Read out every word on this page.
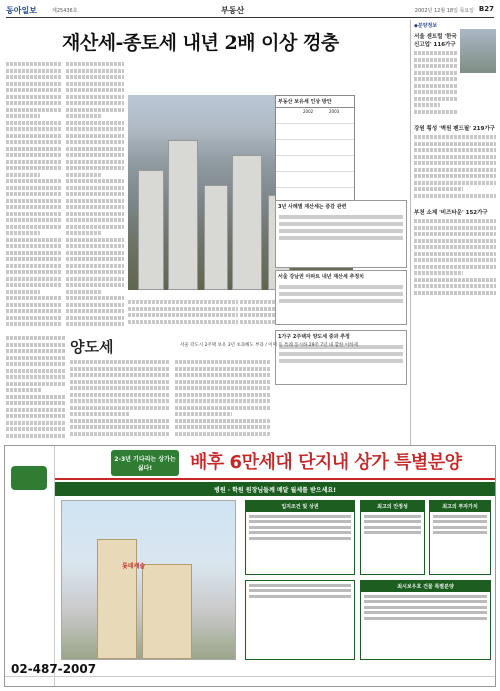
동아일보	제25436호	부동산	2002년 12월 18일 목요일 B27
재산세-종토세 내년 2배 이상 껑충
부동산 보유세 인상 방안
2002	2003
3년 사례별 재산세는 증감 관련
서울 강남권 아파트 내년 재산세 추정치
1가구 2주택자 양도세 중과 추정
◆분양정보
서울 센트럴 '한국 신고업' 116가구
강원 횡성 '벽원 펜드필' 219가구
부천 소제 '비즈타운' 152가구
양도세	서울 강도시 2주택 보유 3년 초과해도 부과 / 이미 등 특례 동시하 29주 7년 내 합한 이하제
2-3년 기다리는 상가는 싫다!	배후 6만세대 단지내 상가 특별분양
병원 · 학원 원장님들께 매달 월세를 받으세요!
롯데캐슬
입지조건 및 상권	최고의 안정성	최고의 투자가치
최시보우호 건물 특별분양
02-487-2007
